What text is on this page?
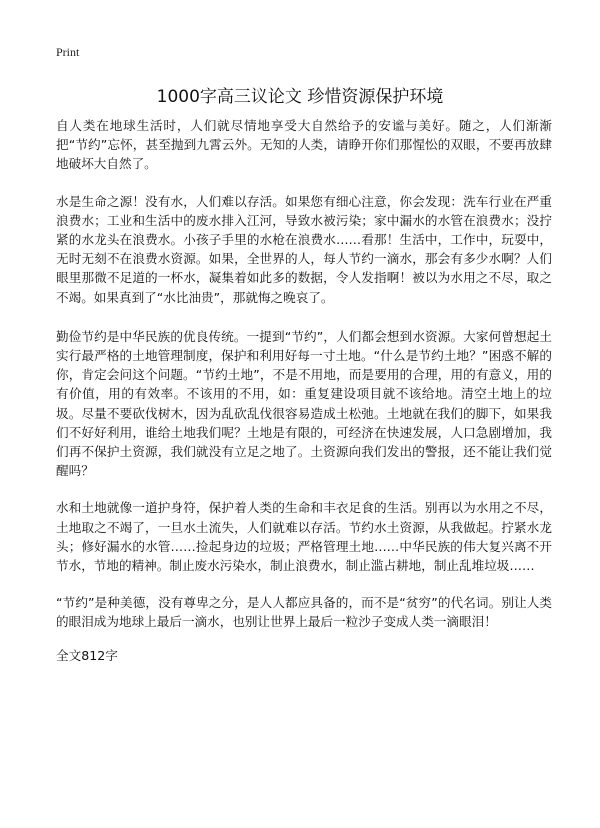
Print
1000字高三议论文 珍惜资源保护环境

自人类在地球生活时，人们就尽情地享受大自然给予的安谧与美好。随之，人们渐渐把“节约”忘怀，甚至抛到九霄云外。无知的人类，请睁开你们那惺忪的双眼，不要再放肆地破坏大自然了。

水是生命之源！没有水，人们难以存活。如果您有细心注意，你会发现：洗车行业在严重浪费水；工业和生活中的废水排入江河，导致水被污染；家中漏水的水管在浪费水；没拧紧的水龙头在浪费水。小孩子手里的水枪在浪费水……看那！生活中，工作中，玩耍中，无时无刻不在浪费水资源。如果，全世界的人，每人节约一滴水，那会有多少水啊？人们眼里那微不足道的一杯水，凝集着如此多的数据，令人发指啊！被以为水用之不尽，取之不竭。如果真到了“水比油贵”，那就悔之晚哀了。

勤俭节约是中华民族的优良传统。一提到“节约”，人们都会想到水资源。大家何曾想起土实行最严格的土地管理制度，保护和利用好每一寸土地。“什么是节约土地？”困惑不解的你，肯定会问这个问题。“节约土地”，不是不用地，而是要用的合理，用的有意义，用的有价值，用的有效率。不该用的不用，如：重复建设项目就不该给地。清空土地上的垃圾。尽量不要砍伐树木，因为乱砍乱伐很容易造成土松弛。土地就在我们的脚下，如果我们不好好利用，谁给土地我们呢？土地是有限的，可经济在快速发展，人口急剧增加，我们再不保护土资源，我们就没有立足之地了。土资源向我们发出的警报，还不能让我们觉醒吗？

水和土地就像一道护身符，保护着人类的生命和丰衣足食的生活。别再以为水用之不尽，土地取之不竭了，一旦水土流失，人们就难以存活。节约水土资源，从我做起。拧紧水龙头；修好漏水的水管……捡起身边的垃圾；严格管理土地……中华民族的伟大复兴离不开节水，节地的精神。制止废水污染水，制止浪费水，制止滥占耕地，制止乱堆垃圾……

“节约”是种美德，没有尊卑之分，是人人都应具备的，而不是“贫穷”的代名词。别让人类的眼泪成为地球上最后一滴水，也别让世界上最后一粒沙子变成人类一滴眼泪！

全文812字
